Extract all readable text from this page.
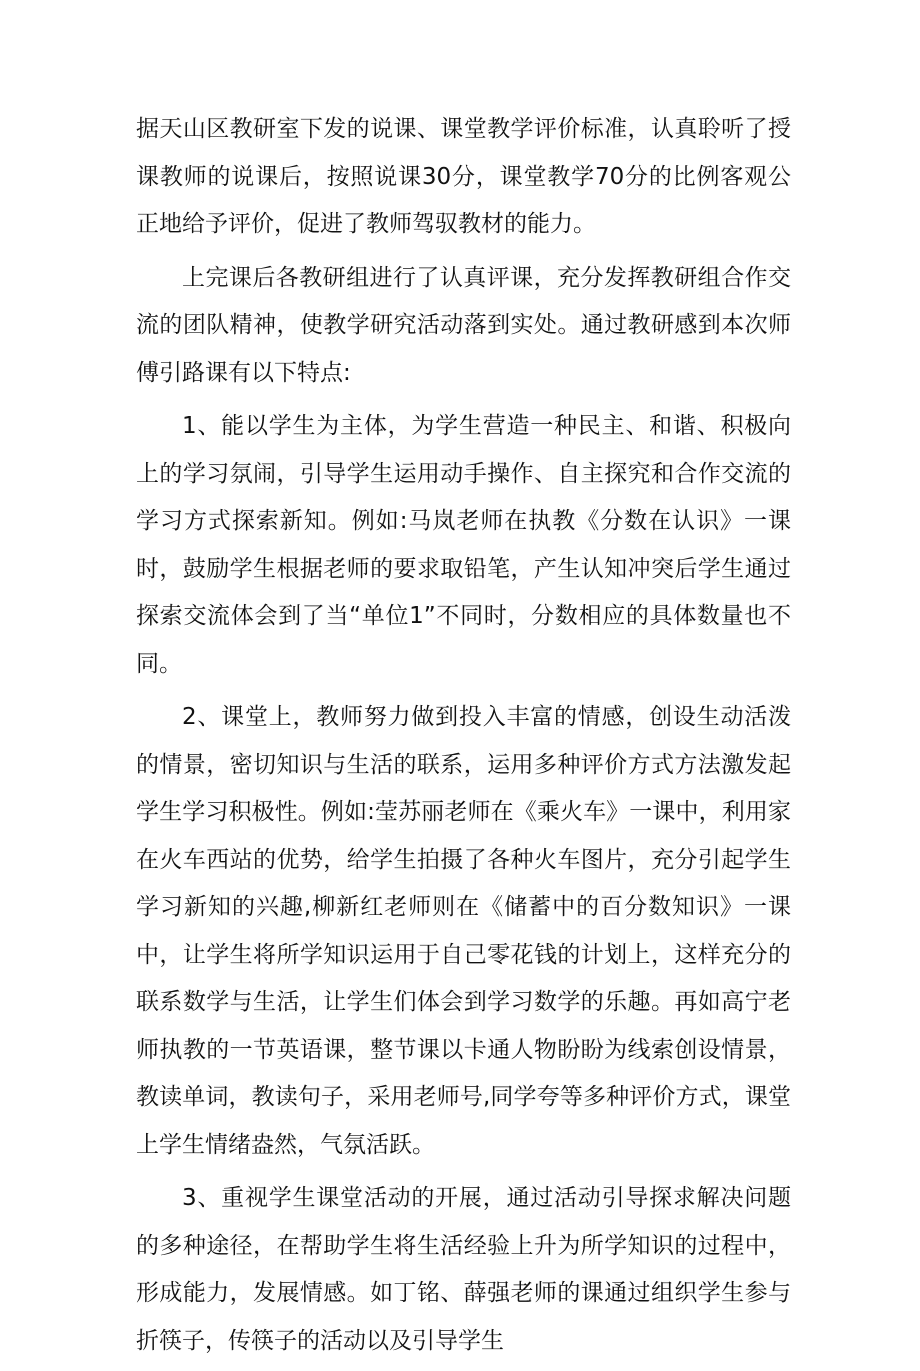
据天山区教研室下发的说课、课堂教学评价标准，认真聆听了授课教师的说课后，按照说课30分，课堂教学70分的比例客观公正地给予评价，促进了教师驾驭教材的能力。

上完课后各教研组进行了认真评课，充分发挥教研组合作交流的团队精神，使教学研究活动落到实处。通过教研感到本次师傅引路课有以下特点:

1、能以学生为主体，为学生营造一种民主、和谐、积极向上的学习氛闹，引导学生运用动手操作、自主探究和合作交流的学习方式探索新知。例如:马岚老师在执教《分数在认识》一课时，鼓励学生根据老师的要求取铅笔，产生认知冲突后学生通过探索交流体会到了当“单位1”不同时，分数相应的具体数量也不同。

2、课堂上，教师努力做到投入丰富的情感，创设生动活泼的情景，密切知识与生活的联系，运用多种评价方式方法激发起学生学习积极性。例如:莹苏丽老师在《乘火车》一课中，利用家在火车西站的优势，给学生拍摄了各种火车图片，充分引起学生学习新知的兴趣,柳新红老师则在《储蓄中的百分数知识》一课中，让学生将所学知识运用于自己零花钱的计划上，这样充分的联系数学与生活，让学生们体会到学习数学的乐趣。再如高宁老师执教的一节英语课，整节课以卡通人物盼盼为线索创设情景，教读单词，教读句子，采用老师号,同学夸等多种评价方式，课堂上学生情绪盎然，气氛活跃。

3、重视学生课堂活动的开展，通过活动引导探求解决问题的多种途径，在帮助学生将生活经验上升为所学知识的过程中，形成能力，发展情感。如丁铭、薛强老师的课通过组织学生参与折筷子，传筷子的活动以及引导学生
